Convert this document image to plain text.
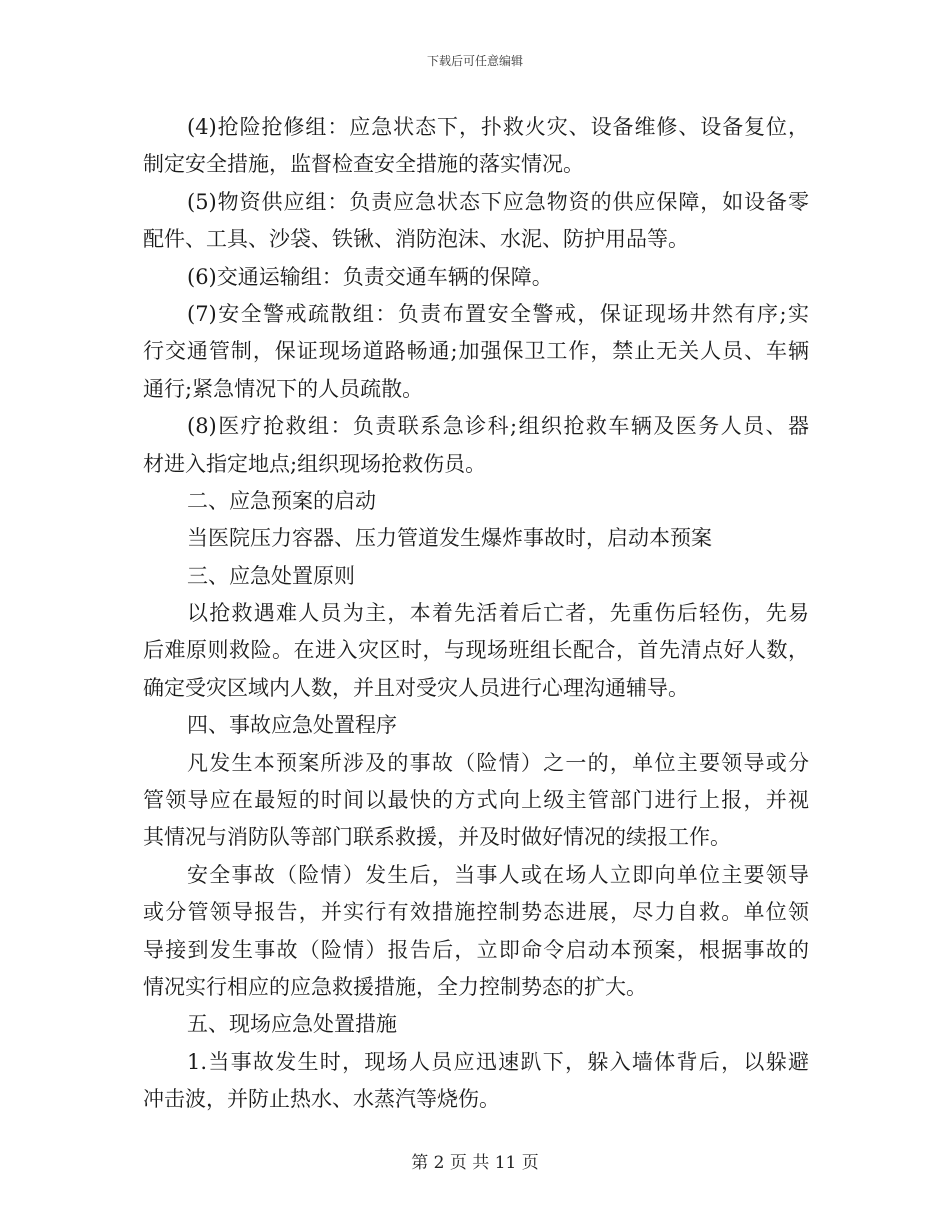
下载后可任意编辑
(4)抢险抢修组：应急状态下，扑救火灾、设备维修、设备复位，
制定安全措施，监督检查安全措施的落实情况。
(5)物资供应组：负责应急状态下应急物资的供应保障，如设备零
配件、工具、沙袋、铁锹、消防泡沫、水泥、防护用品等。
(6)交通运输组：负责交通车辆的保障。
(7)安全警戒疏散组：负责布置安全警戒，保证现场井然有序;实
行交通管制，保证现场道路畅通;加强保卫工作，禁止无关人员、车辆
通行;紧急情况下的人员疏散。
(8)医疗抢救组：负责联系急诊科;组织抢救车辆及医务人员、器
材进入指定地点;组织现场抢救伤员。
二、应急预案的启动
当医院压力容器、压力管道发生爆炸事故时，启动本预案
三、应急处置原则
以抢救遇难人员为主，本着先活着后亡者，先重伤后轻伤，先易
后难原则救险。在进入灾区时，与现场班组长配合，首先清点好人数，
确定受灾区域内人数，并且对受灾人员进行心理沟通辅导。
四、事故应急处置程序
凡发生本预案所涉及的事故（险情）之一的，单位主要领导或分
管领导应在最短的时间以最快的方式向上级主管部门进行上报，并视
其情况与消防队等部门联系救援，并及时做好情况的续报工作。
安全事故（险情）发生后，当事人或在场人立即向单位主要领导
或分管领导报告，并实行有效措施控制势态进展，尽力自救。单位领
导接到发生事故（险情）报告后，立即命令启动本预案，根据事故的
情况实行相应的应急救援措施，全力控制势态的扩大。
五、现场应急处置措施
1.当事故发生时，现场人员应迅速趴下，躲入墙体背后，以躲避
冲击波，并防止热水、水蒸汽等烧伤。
第 2 页 共 11 页
